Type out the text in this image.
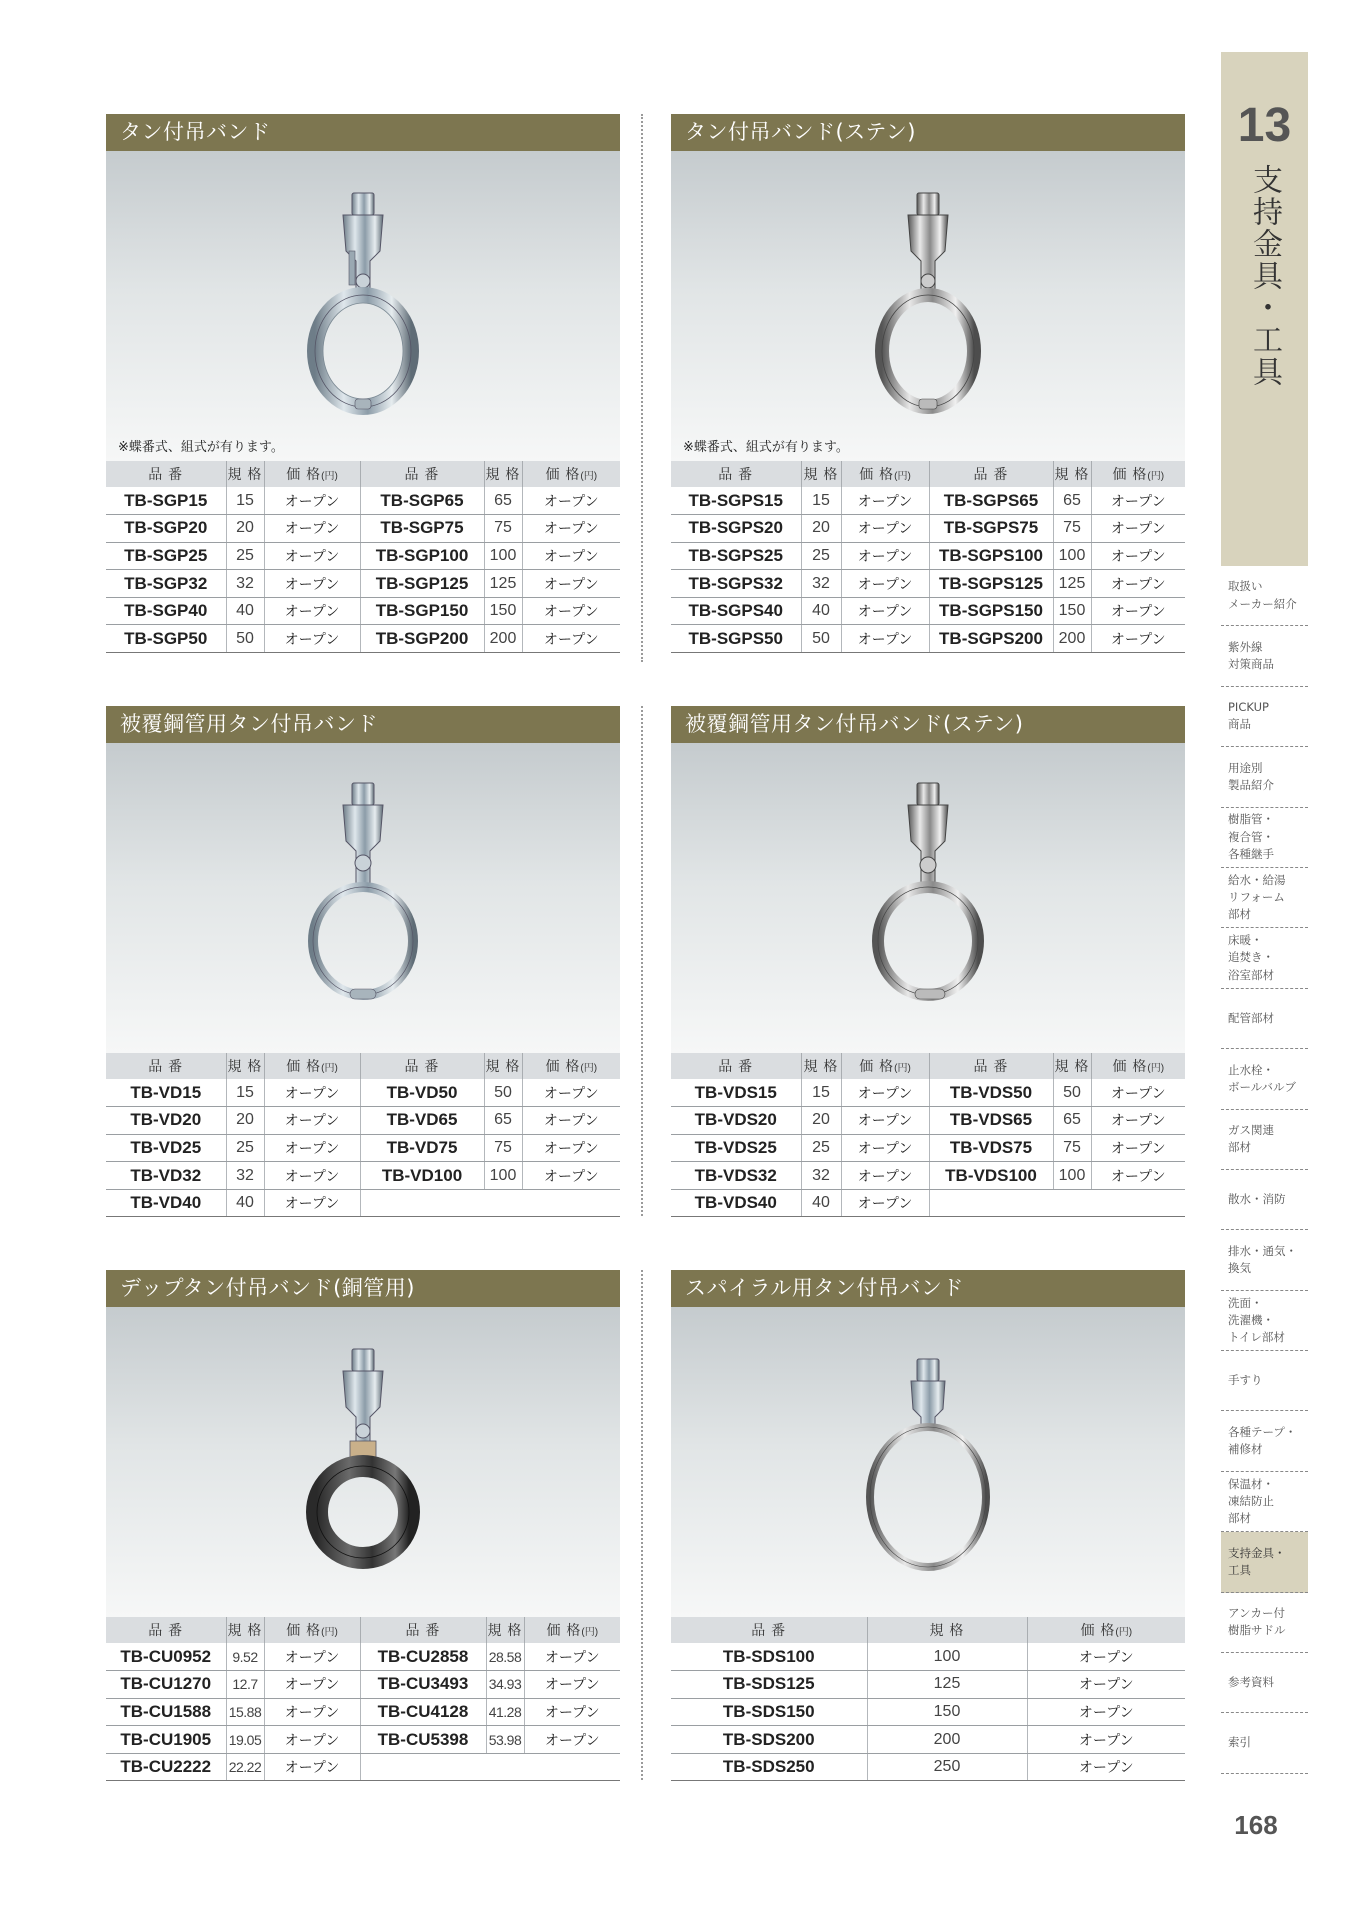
タン付吊バンド
※蝶番式、組式が有ります。
品 番	規 格	価 格(円)	品 番	規 格	価 格(円)
TB-SGP15	15	オープン	TB-SGP65	65	オープン
TB-SGP20	20	オープン	TB-SGP75	75	オープン
TB-SGP25	25	オープン	TB-SGP100	100	オープン
TB-SGP32	32	オープン	TB-SGP125	125	オープン
TB-SGP40	40	オープン	TB-SGP150	150	オープン
TB-SGP50	50	オープン	TB-SGP200	200	オープン
タン付吊バンド(ステン)
※蝶番式、組式が有ります。
品 番	規 格	価 格(円)	品 番	規 格	価 格(円)
TB-SGPS15	15	オープン	TB-SGPS65	65	オープン
TB-SGPS20	20	オープン	TB-SGPS75	75	オープン
TB-SGPS25	25	オープン	TB-SGPS100	100	オープン
TB-SGPS32	32	オープン	TB-SGPS125	125	オープン
TB-SGPS40	40	オープン	TB-SGPS150	150	オープン
TB-SGPS50	50	オープン	TB-SGPS200	200	オープン
被覆鋼管用タン付吊バンド
品 番	規 格	価 格(円)	品 番	規 格	価 格(円)
TB-VD15	15	オープン	TB-VD50	50	オープン
TB-VD20	20	オープン	TB-VD65	65	オープン
TB-VD25	25	オープン	TB-VD75	75	オープン
TB-VD32	32	オープン	TB-VD100	100	オープン
TB-VD40	40	オープン			
被覆鋼管用タン付吊バンド(ステン)
品 番	規 格	価 格(円)	品 番	規 格	価 格(円)
TB-VDS15	15	オープン	TB-VDS50	50	オープン
TB-VDS20	20	オープン	TB-VDS65	65	オープン
TB-VDS25	25	オープン	TB-VDS75	75	オープン
TB-VDS32	32	オープン	TB-VDS100	100	オープン
TB-VDS40	40	オープン			
デップタン付吊バンド(銅管用)
品 番	規 格	価 格(円)	品 番	規 格	価 格(円)
TB-CU0952	9.52	オープン	TB-CU2858	28.58	オープン
TB-CU1270	12.7	オープン	TB-CU3493	34.93	オープン
TB-CU1588	15.88	オープン	TB-CU4128	41.28	オープン
TB-CU1905	19.05	オープン	TB-CU5398	53.98	オープン
TB-CU2222	22.22	オープン			
スパイラル用タン付吊バンド
品 番	規 格	価 格(円)
TB-SDS100	100	オープン
TB-SDS125	125	オープン
TB-SDS150	150	オープン
TB-SDS200	200	オープン
TB-SDS250	250	オープン
13
支持金具・工具
取扱い
メーカー紹介
紫外線
対策商品
PICKUP
商品
用途別
製品紹介
樹脂管・
複合管・
各種継手
給水・給湯
リフォーム
部材
床暖・
追焚き・
浴室部材
配管部材
止水栓・
ボールバルブ
ガス関連
部材
散水・消防
排水・通気・
換気
洗面・
洗濯機・
トイレ部材
手すり
各種テープ・
補修材
保温材・
凍結防止
部材
支持金具・
工具
アンカー付
樹脂サドル
参考資料
索引
168
